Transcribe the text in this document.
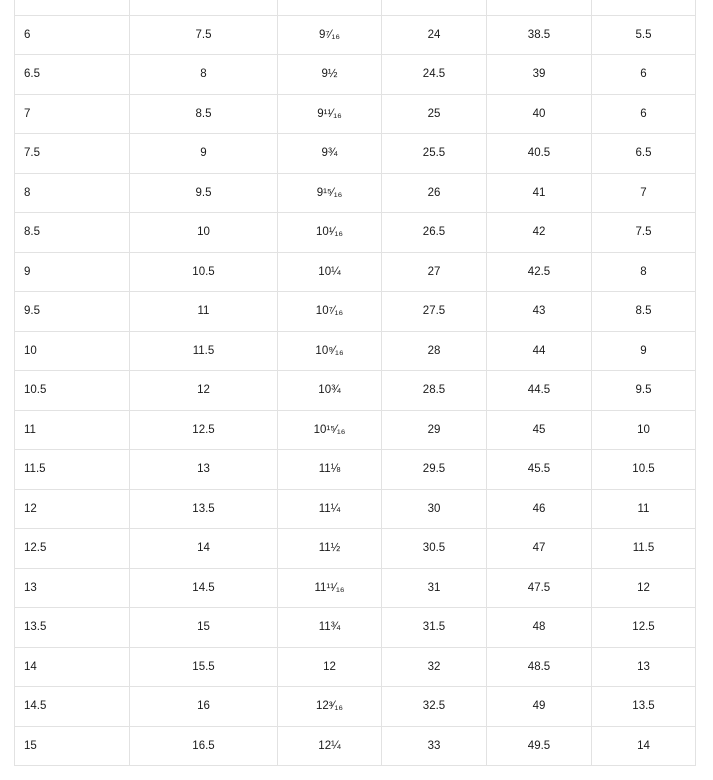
6	7.5	9⁷⁄₁₆	24	38.5	5.5
6.5	8	9½	24.5	39	6
7	8.5	9¹¹⁄₁₆	25	40	6
7.5	9	9¾	25.5	40.5	6.5
8	9.5	9¹⁵⁄₁₆	26	41	7
8.5	10	10¹⁄₁₆	26.5	42	7.5
9	10.5	10¼	27	42.5	8
9.5	11	10⁷⁄₁₆	27.5	43	8.5
10	11.5	10⁹⁄₁₆	28	44	9
10.5	12	10¾	28.5	44.5	9.5
11	12.5	10¹⁵⁄₁₆	29	45	10
11.5	13	11⅛	29.5	45.5	10.5
12	13.5	11¼	30	46	11
12.5	14	11½	30.5	47	11.5
13	14.5	11¹¹⁄₁₆	31	47.5	12
13.5	15	11¾	31.5	48	12.5
14	15.5	12	32	48.5	13
14.5	16	12³⁄₁₆	32.5	49	13.5
15	16.5	12¼	33	49.5	14
